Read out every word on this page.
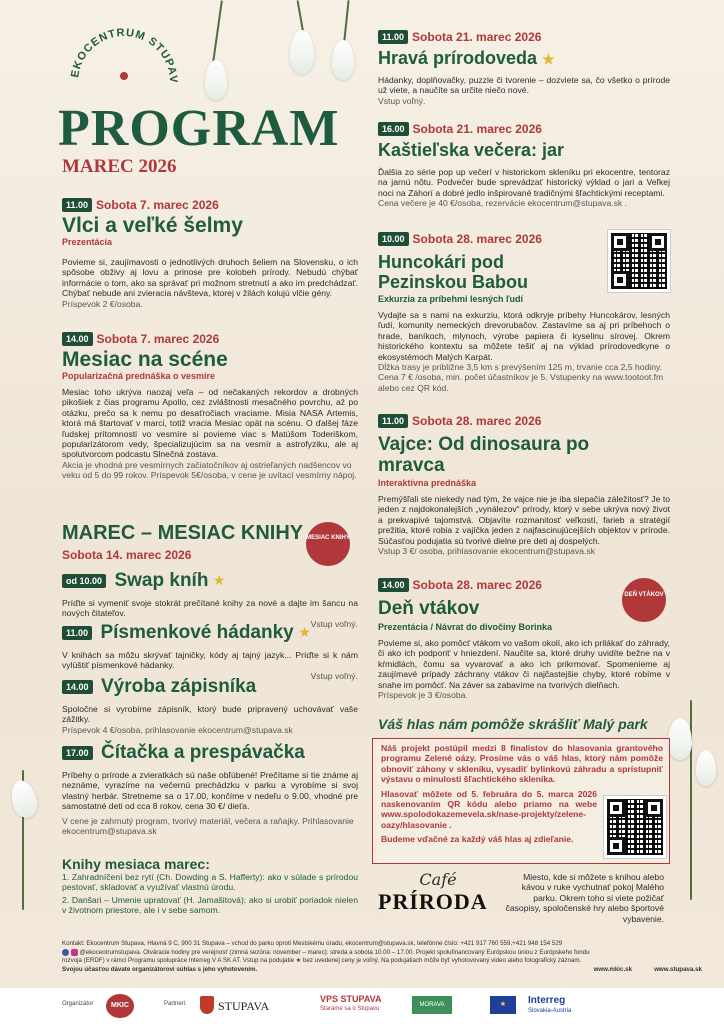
EKOCENTRUM STUPAV
PROGRAM
MAREC 2026
11.00 Sobota 7. marec 2026
Vlci a veľké šelmy
Prezentácia
Povieme si, zaujímavosti o jednotlivých druhoch šeliem na Slovensku, o ich spôsobe obživy aj lovu a prinose pre kolobeh prírody. Nebudú chýbať informácie o tom, ako sa správať pri možnom stretnutí a ako im predchádzať. Chýbať nebude ani zvieracia návšteva, ktorej v žilách kolujú vlčie gény.
Príspevok 2 €/osoba.
14.00 Sobota 7. marec 2026
Mesiac na scéne
Popularizačná prednáška o vesmíre
Mesiac toho ukrýva naozaj veľa – od nečakaných rekordov a drobných pikošiek z čias programu Apollo, cez zvláštnosti mesačného povrchu, až po otázku, prečo sa k nemu po desaťročiach vraciame. Misia NASA Artemis, ktorá má štartovať v marci, totiž vracia Mesiac opät na scénu. O ďalšej fáze ľudskej prítomnosti vo vesmíre si povieme viac s Matúšom Toderiškom, popularizátorom vedy, špecializujúcim sa na vesmír a astrofyziku, ale aj spolutvorcom podcastu Slnečná zostava.
Akcia je vhodná pre vesmírnych začiatočníkov aj ostrieľaných nadšencov vo veku od 5 do 99 rokov. Príspevok 5€/osoba, v cene je uvítací vesmírny nápoj.
MAREC – MESIAC KNIHY
Sobota 14. marec 2026
MESIAC KNIHY
od 10.00 Swap kníh ★
Príďte si vymeniť svoje stokrát prečítané knihy za nové a dajte im šancu na nových čitateľov.
Vstup voľný.
11.00 Písmenkové hádanky ★
V knihách sa môžu skrývať tajničky, kódy aj tajný jazyk... Príďte si k nám vylúštiť písmenkové hádanky.
Vstup voľný.
14.00 Výroba zápisníka
Spoločne si vyrobíme zápisník, ktorý bude pripravený uchovávať vaše zážitky.
Príspevok 4 €/osoba, prihlasovanie ekocentrum@stupava.sk
17.00 Čítačka a prespávačka
Príbehy o prírode a zvieratkách sú naše obľúbené! Prečítame si tie známe aj neznáme, vyrazíme na večernú prechádzku v parku a vyrobíme si svoj vlastný herbár. Stretneme sa o 17.00, končíme v nedeľu o 9.00, vhodné pre samostatné deti od cca 8 rokov, cena 30 €/ dieťa.
V cene je zahrnutý program, tvorivý materiál, večera a raňajky. Prihlasovanie ekocentrum@stupava.sk
Knihy mesiaca marec:
1. Zahradníčení bez rytí (Ch. Dowding a S. Hafferty): ako v súlade s prírodou pestovať, skladovať a využívať vlastnú úrodu.
2. Danšari – Umenie upratovať (H. Jamašitová): ako si urobiť poriadok nielen v životnom priestore, ale i v sebe samom.
11.00 Sobota 21. marec 2026
Hravá prírodoveda ★
Hádanky, doplňovačky, puzzle či tvorenie – dozviete sa, čo všetko o prírode už viete, a naučíte sa určite niečo nové.
Vstup voľný.
16.00 Sobota 21. marec 2026
Kaštieľska večera: jar
Ďalšia zo série pop up večerí v historickom skleníku pri ekocentre, tentoraz na jarnú nôtu. Podvečer bude sprevádzať historický výklad o jari a Veľkej noci na Záhorí a dobré jedlo inšpirované tradičnými šľachtickými receptami.
Cena večere je 40 €/osoba, rezervácie ekocentrum@stupava.sk .
10.00 Sobota 28. marec 2026
Huncokári pod Pezinskou Babou
Exkurzia za príbehmi lesných ľudí
Vydajte sa s nami na exkurziu, ktorá odkryje príbehy Huncokárov, lesných ľudí, komunity nemeckých drevorubačov. Zastavíme sa aj pri príbehoch o hrade, baníkoch, mlynoch, výrobe papiera či kyselinu sírovej. Okrem historického kontextu sa môžete tešiť aj na výklad prírodovedkyne o ekosystémoch Malých Karpát.
Dĺžka trasy je približne 3,5 km s prevýšením 125 m, trvanie cca 2,5 hodiny. Cena 7 € /osoba, min. počet účastníkov je 5. Vstupenky na www.tootoot.fm alebo cez QR kód.
11.00 Sobota 28. marec 2026
Vajce: Od dinosaura po mravca
Interaktívna prednáška
Premýšľali ste niekedy nad tým, že vajce nie je iba slepačia záležitosť? Je to jeden z najdokonalejších „vynálezov“ prírody, ktorý v sebe ukrýva nový život a prekvapivé tajomstvá. Objavíte rozmanitosť veľkostí, farieb a stratégií prežitia, ktoré robia z vajíčka jeden z najfascinujúcejších objektov v prírode. Súčasťou podujatia sú tvorivé dielne pre deti aj dospelých.
Vstup 3 €/ osoba, prihlasovanie ekocentrum@stupava.sk
14.00 Sobota 28. marec 2026
Deň vtákov
Prezentácia / Návrat do divočiny Borinka
Povieme si, ako pomôcť vtákom vo vašom okolí, ako ich prilákať do záhrady, či ako ich podporiť v hniezdení. Naučíte sa, ktoré druhy uvidíte bežne na v kŕmidlách, čomu sa vyvarovať a ako ich prikrmovať. Spomenieme aj zaujímavé prípady záchrany vtákov či najčastejšie chyby, ktoré robíme v snahe im pomôcť. Na záver sa zabavíme na tvorivých dielňach.
Príspevok je 3 €/osoba.
DEŇ VTÁKOV
Váš hlas nám pomôže skrášliť Malý park
Náš projekt postúpil medzi 8 finalistov do hlasovania grantového programu Zelené oázy. Prosíme vás o váš hlas, ktorý nám pomôže obnoviť záhony v skleníku, vysadiť bylinkovú záhradu a sprístupniť výstavu o minulosti šľachtického skleníka.
Hlasovať môžete od 5. februára do 5. marca 2026 naskenovaním QR kódu alebo priamo na webe www.spolodokazemevela.sk/nase-projekty/zelene-oazy/hlasovanie .
Budeme vďačné za každý váš hlas aj zdieľanie.
Café
PRÍRODA
Miesto, kde si môžete s knihou alebo kávou v ruke vychutnať pokoj Malého parku. Okrem toho si viete požičať časopisy, spoločenské hry alebo športové vybavenie.
Kontakt: Ekocentrum Stupava, Hlavná 9 C, 900 31 Stupava – vchod do parku oproti Mestskému úradu, ekocentrum@stupava.sk, telefónne číslo: +421 917 760 559,+421 948 154 529
@ekocentrumstupava. Otváracie hodiny pre verejnosť (zimná sezóna: november – marec): streda a sobota 10.00 – 17.00. Projekt spolufinancovaný Európskou úniou z Európskeho fondu
rozvoja (ERDF) v rámci Programu spolupráce Interreg V A SK AT. Vstup na podujatie ★ bez uvedenej ceny je voľný. Na podujatiach môže byť vyhotovovaný video alebo fotografický záznam.
Svojou účasťou dávate organizátorovi súhlas s jeho vyhotovením.	www.mkic.sk	www.stupava.sk
Organizátor	MKIC	Partneri:	STUPAVA	VPS STUPAVA
Staráme sa o Stupavu
MORAVA	★	Interreg
Slovakia-Austria
